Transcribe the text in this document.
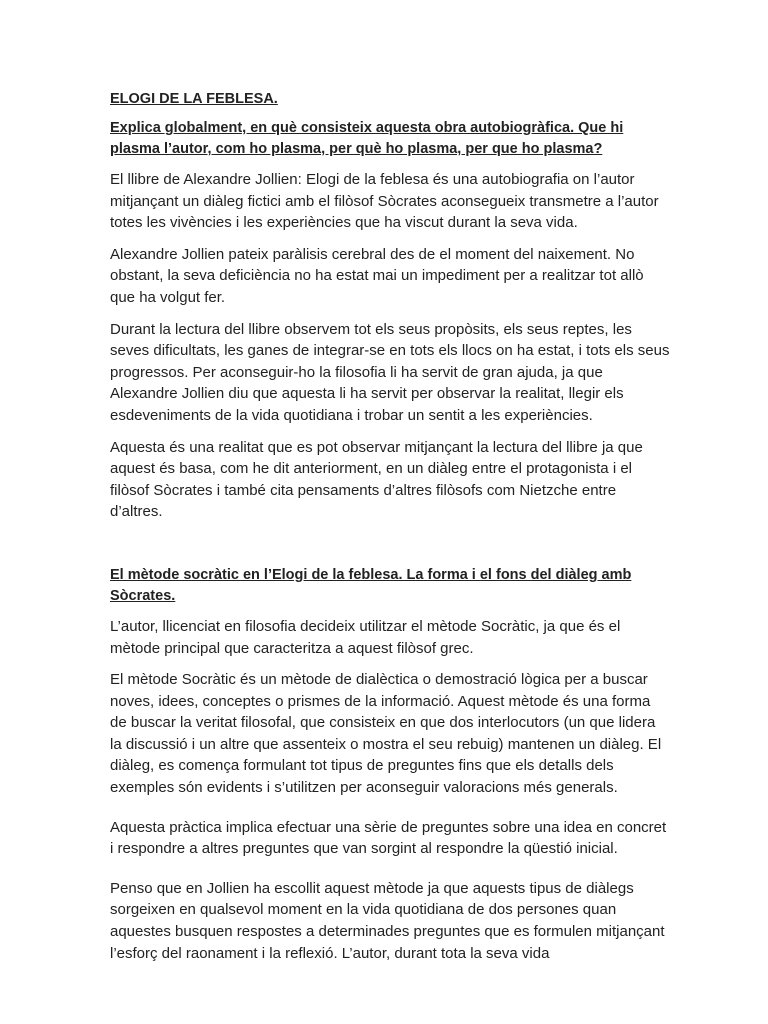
ELOGI DE LA FEBLESA.
Explica globalment, en què consisteix aquesta obra autobiogràfica. Que hi plasma l’autor, com ho plasma, per què ho plasma, per que ho plasma?

El llibre de Alexandre Jollien: Elogi de la feblesa és una autobiografia on l’autor mitjançant un diàleg fictici amb el filòsof Sòcrates aconsegueix transmetre a l’autor totes les vivències i les experiències que ha viscut durant la seva vida.

Alexandre Jollien pateix paràlisis cerebral des de el moment del naixement. No obstant, la seva deficiència no ha estat mai un impediment per a realitzar tot allò que ha volgut fer.

Durant la lectura del llibre observem tot els seus propòsits, els seus reptes, les seves dificultats, les ganes de integrar-se en tots els llocs on ha estat, i tots els seus progressos. Per aconseguir-ho la filosofia li ha servit de gran ajuda, ja que Alexandre Jollien diu que aquesta li ha servit per observar la realitat, llegir els esdeveniments de la vida quotidiana i trobar un sentit a les experiències.

Aquesta és una realitat que es pot observar mitjançant la lectura del llibre ja que aquest és basa, com he dit anteriorment, en un diàleg entre el protagonista i el filòsof Sòcrates i també cita pensaments d’altres filòsofs com Nietzche entre d’altres.

El mètode socràtic en l’Elogi de la feblesa. La forma i el fons del diàleg amb Sòcrates.

L’autor, llicenciat en filosofia decideix utilitzar el mètode Socràtic, ja que és el mètode principal que caracteritza a aquest filòsof grec.

El mètode Socràtic és un mètode de dialèctica o demostració lògica per a buscar noves, idees, conceptes o prismes de la informació. Aquest mètode és una forma de buscar la veritat filosofal, que consisteix en que dos interlocutors (un que lidera la discussió i un altre que assenteix o mostra el seu rebuig) mantenen un diàleg. El diàleg, es comença formulant tot tipus de preguntes fins que els detalls dels exemples són evidents i s’utilitzen per aconseguir valoracions més generals.

Aquesta pràctica implica efectuar una sèrie de preguntes sobre una idea en concret i respondre a altres preguntes que van sorgint al respondre la qüestió inicial.

Penso que en Jollien ha escollit aquest mètode ja que aquests tipus de diàlegs sorgeixen en qualsevol moment en la vida quotidiana de dos persones quan aquestes busquen respostes a determinades preguntes que es formulen mitjançant l’esforç del raonament i la reflexió. L’autor, durant tota la seva vida
